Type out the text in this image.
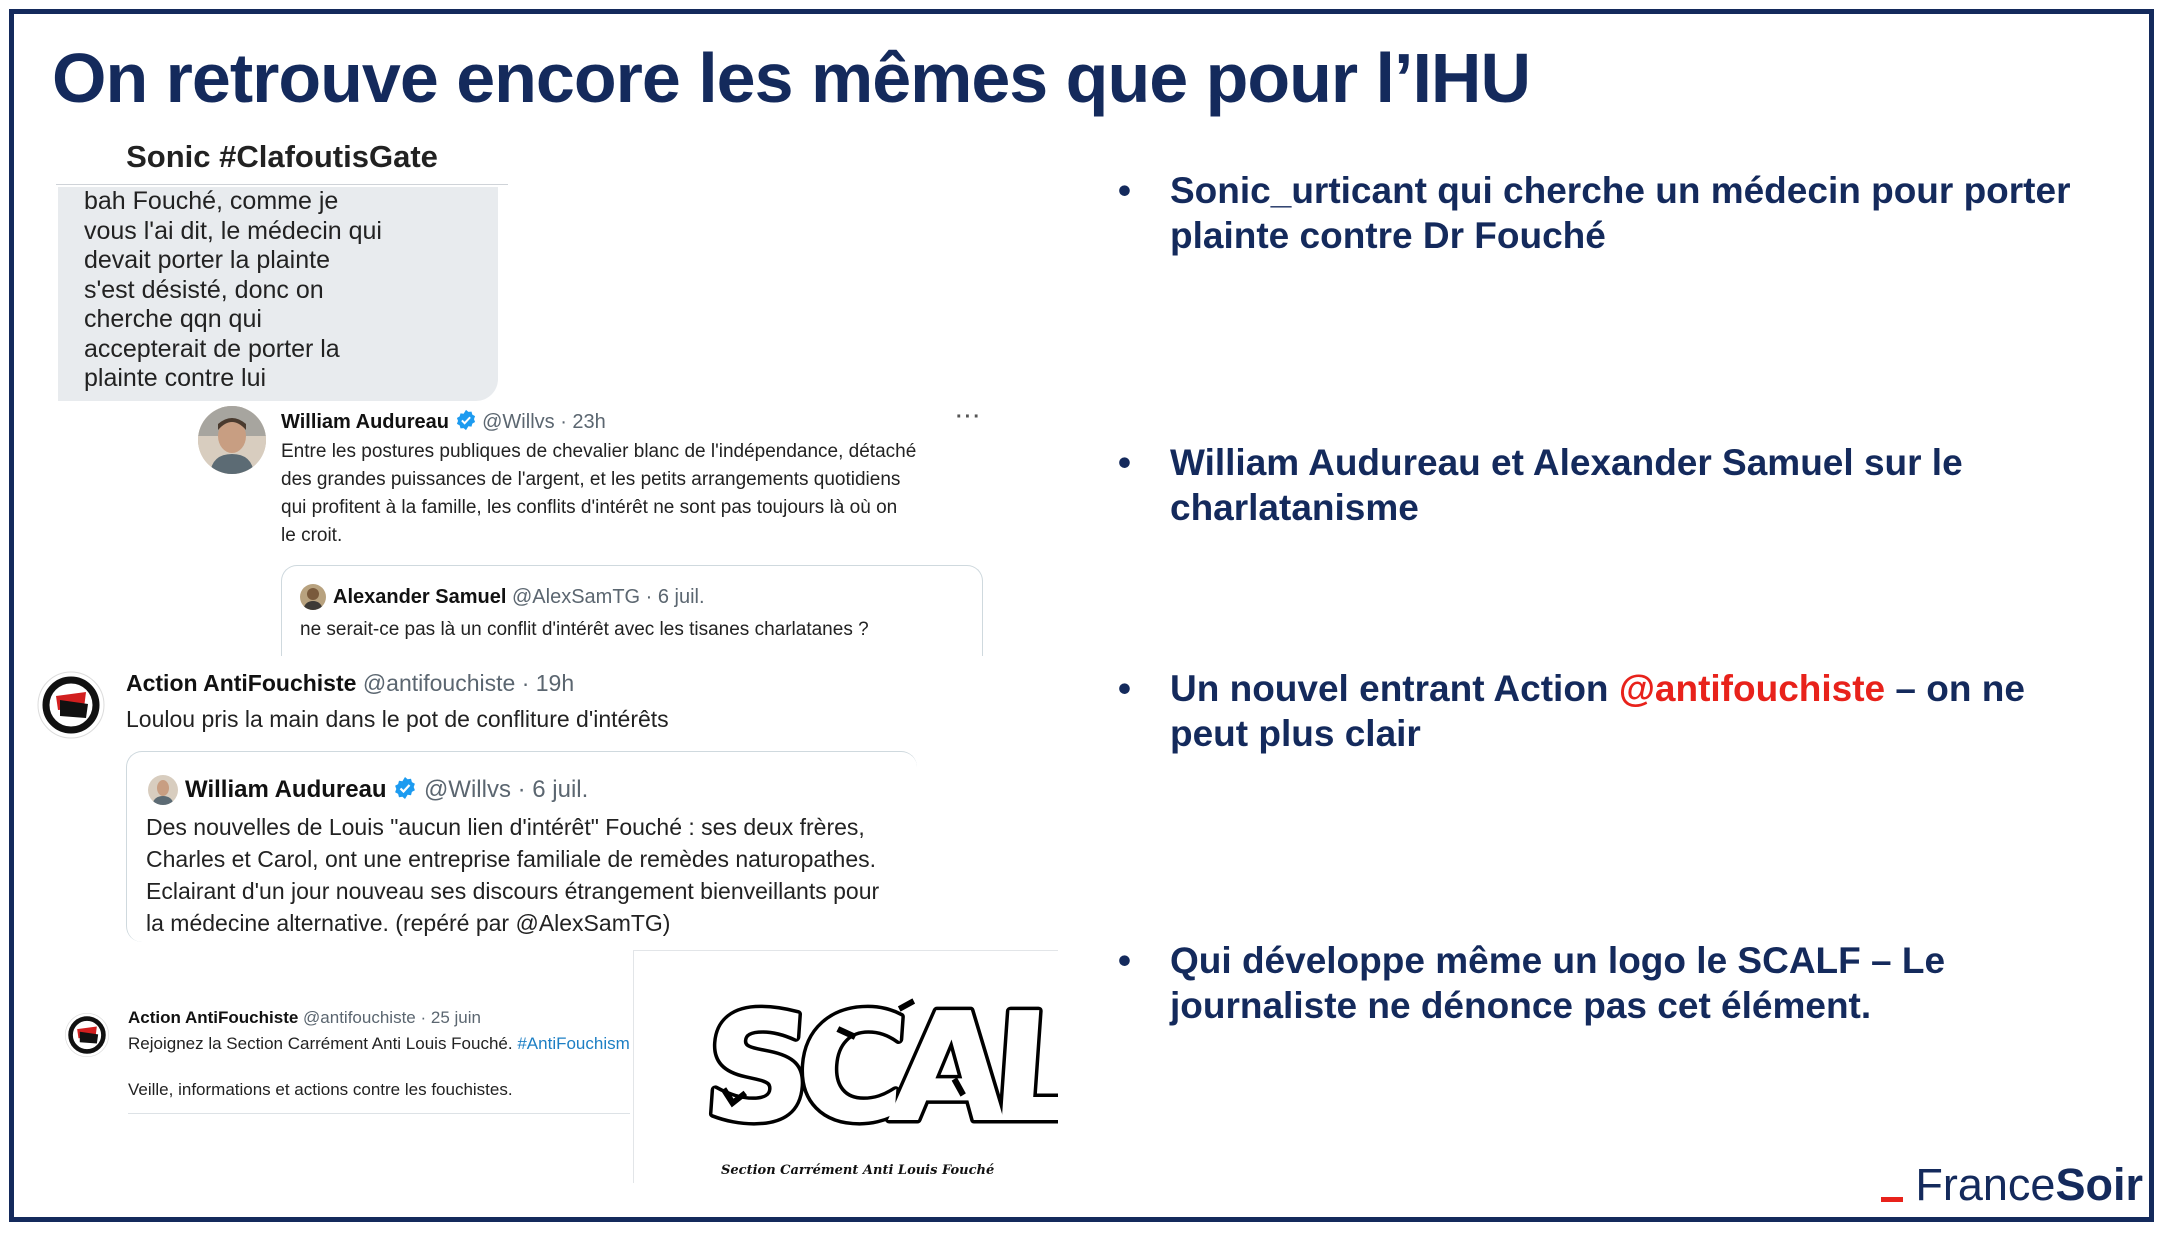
On retrouve encore les mêmes que pour l’IHU
• Sonic_urticant qui cherche un médecin pour porter
plainte contre Dr Fouché
• William Audureau et Alexander Samuel sur le
charlatanisme
• Un nouvel entrant Action @antifouchiste – on ne
peut plus clair
• Qui développe même un logo le SCALF – Le
journaliste ne dénonce pas cet élément.
Sonic #ClafoutisGate
bah Fouché, comme je
vous l'ai dit, le médecin qui
devait porter la plainte
s'est désisté, donc on
cherche qqn qui
accepterait de porter la
plainte contre lui
William Audureau @Willvs · 23h	···
Entre les postures publiques de chevalier blanc de l'indépendance, détaché
des grandes puissances de l'argent, et les petits arrangements quotidiens
qui profitent à la famille, les conflits d'intérêt ne sont pas toujours là où on
le croit.
Alexander Samuel @AlexSamTG · 6 juil.
ne serait-ce pas là un conflit d'intérêt avec les tisanes charlatanes ?
Action AntiFouchiste @antifouchiste · 19h
Loulou pris la main dans le pot de confliture d'intérêts
William Audureau @Willvs · 6 juil.
Des nouvelles de Louis "aucun lien d'intérêt" Fouché : ses deux frères,
Charles et Carol, ont une entreprise familiale de remèdes naturopathes.
Eclairant d'un jour nouveau ses discours étrangement bienveillants pour
la médecine alternative. (repéré par @AlexSamTG)
Action AntiFouchiste @antifouchiste · 25 juin
Rejoignez la Section Carrément Anti Louis Fouché. #AntiFouchism
Veille, informations et actions contre les fouchistes. SCALF
SCALF
Section Carrément Anti Louis Fouché	FranceSoir
